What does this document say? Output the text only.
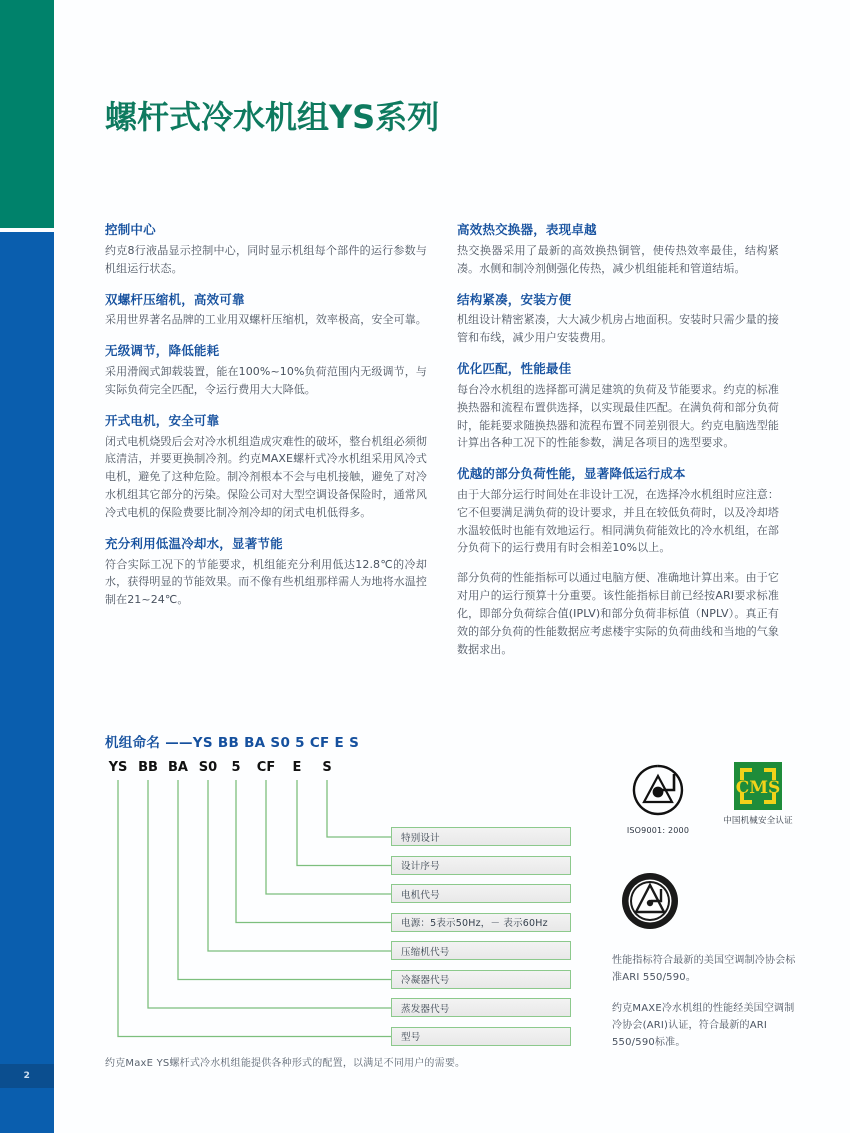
2
螺杆式冷水机组YS系列
控制中心

约克8行液晶显示控制中心，同时显示机组每个部件的运行参数与机组运行状态。

双螺杆压缩机，高效可靠

采用世界著名品牌的工业用双螺杆压缩机，效率极高，安全可靠。

无级调节，降低能耗

采用滑阀式卸载装置，能在100%~10%负荷范围内无级调节，与实际负荷完全匹配，令运行费用大大降低。

开式电机，安全可靠

闭式电机烧毁后会对冷水机组造成灾难性的破坏，整台机组必须彻底清洁，并要更换制冷剂。约克MAXE螺杆式冷水机组采用风冷式电机，避免了这种危险。制冷剂根本不会与电机接触，避免了对冷水机组其它部分的污染。保险公司对大型空调设备保险时，通常风冷式电机的保险费要比制冷剂冷却的闭式电机低得多。

充分利用低温冷却水，显著节能

符合实际工况下的节能要求，机组能充分利用低达12.8℃的冷却水，获得明显的节能效果。而不像有些机组那样需人为地将水温控制在21~24℃。

高效热交换器，表现卓越

热交换器采用了最新的高效换热铜管，使传热效率最佳，结构紧凑。水侧和制冷剂侧强化传热，减少机组能耗和管道结垢。

结构紧凑，安装方便

机组设计精密紧凑，大大减少机房占地面积。安装时只需少量的接管和布线，减少用户安装费用。

优化匹配，性能最佳

每台冷水机组的选择都可满足建筑的负荷及节能要求。约克的标准换热器和流程布置供选择，以实现最佳匹配。在满负荷和部分负荷时，能耗要求随换热器和流程布置不同差别很大。约克电脑选型能计算出各种工况下的性能参数，满足各项目的选型要求。

优越的部分负荷性能，显著降低运行成本

由于大部分运行时间处在非设计工况，在选择冷水机组时应注意：它不但要满足满负荷的设计要求，并且在较低负荷时，以及冷却塔水温较低时也能有效地运行。相同满负荷能效比的冷水机组，在部分负荷下的运行费用有时会相差10%以上。

部分负荷的性能指标可以通过电脑方便、准确地计算出来。由于它对用户的运行预算十分重要。该性能指标目前已经按ARI要求标准化，即部分负荷综合值(IPLV)和部分负荷非标值（NPLV）。真正有效的部分负荷的性能数据应考虑楼宇实际的负荷曲线和当地的气象数据求出。

机组命名 ——YS BB BA S0 5 CF E S
YS BB BA S0 5 CF E S
特别设计
设计序号
电机代号
电源：5表示50Hz，－ 表示60Hz
压缩机代号
冷凝器代号
蒸发器代号
型号
约克MaxE YS螺杆式冷水机组能提供各种形式的配置，以满足不同用户的需要。
ISO9001: 2000
CMS
中国机械安全认证
性能指标符合最新的美国空调制冷协会标准ARI 550/590。
约克MAXE冷水机组的性能经美国空调制冷协会(ARI)认证，符合最新的ARI 550/590标准。
